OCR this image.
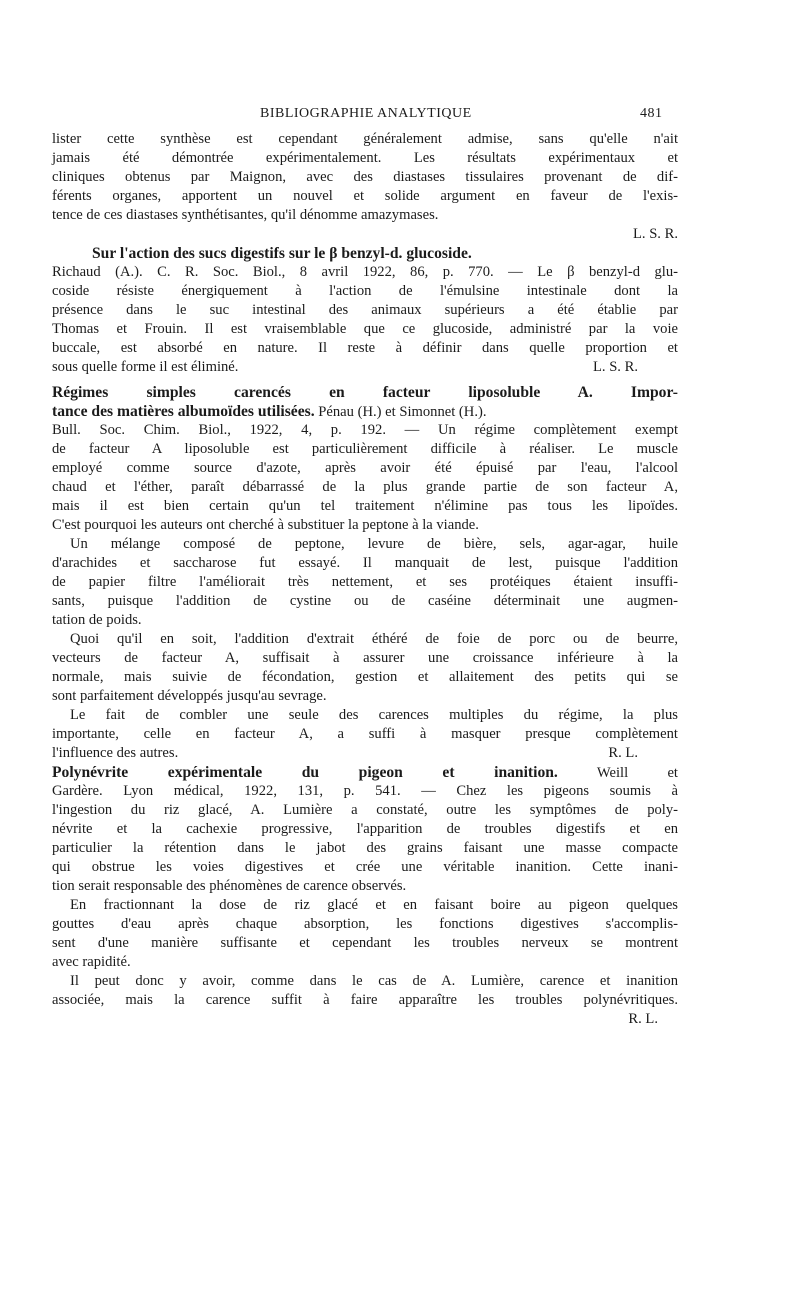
BIBLIOGRAPHIE ANALYTIQUE	481
lister cette synthèse est cependant généralement admise, sans qu'elle n'ait
jamais été démontrée expérimentalement. Les résultats expérimentaux et
cliniques obtenus par Maignon, avec des diastases tissulaires provenant de dif-
férents organes, apportent un nouvel et solide argument en faveur de l'exis-
tence de ces diastases synthétisantes, qu'il dénomme amazymases.
L. S. R.
Sur l'action des sucs digestifs sur le β benzyl-d. glucoside.
Richaud (A.). C. R. Soc. Biol., 8 avril 1922, 86, p. 770. — Le β benzyl-d glu-
coside résiste énergiquement à l'action de l'émulsine intestinale dont la
présence dans le suc intestinal des animaux supérieurs a été établie par
Thomas et Frouin. Il est vraisemblable que ce glucoside, administré par la voie
buccale, est absorbé en nature. Il reste à définir dans quelle proportion et
sous quelle forme il est éliminé.	L. S. R.
Régimes simples carencés en facteur liposoluble A. Impor-
tance des matières albumoïdes utilisées. Pénau (H.) et Simonnet (H.).
Bull. Soc. Chim. Biol., 1922, 4, p. 192. — Un régime complètement exempt
de facteur A liposoluble est particulièrement difficile à réaliser. Le muscle
employé comme source d'azote, après avoir été épuisé par l'eau, l'alcool
chaud et l'éther, paraît débarrassé de la plus grande partie de son facteur A,
mais il est bien certain qu'un tel traitement n'élimine pas tous les lipoïdes.
C'est pourquoi les auteurs ont cherché à substituer la peptone à la viande.
Un mélange composé de peptone, levure de bière, sels, agar-agar, huile
d'arachides et saccharose fut essayé. Il manquait de lest, puisque l'addition
de papier filtre l'améliorait très nettement, et ses protéiques étaient insuffi-
sants, puisque l'addition de cystine ou de caséine déterminait une augmen-
tation de poids.
Quoi qu'il en soit, l'addition d'extrait éthéré de foie de porc ou de beurre,
vecteurs de facteur A, suffisait à assurer une croissance inférieure à la
normale, mais suivie de fécondation, gestion et allaitement des petits qui se
sont parfaitement développés jusqu'au sevrage.
Le fait de combler une seule des carences multiples du régime, la plus
importante, celle en facteur A, a suffi à masquer presque complètement
l'influence des autres.	R. L.
Polynévrite expérimentale du pigeon et inanition.	Weill et
Gardère. Lyon médical, 1922, 131, p. 541. — Chez les pigeons soumis à
l'ingestion du riz glacé, A. Lumière a constaté, outre les symptômes de poly-
névrite et la cachexie progressive, l'apparition de troubles digestifs et en
particulier la rétention dans le jabot des grains faisant une masse compacte
qui obstrue les voies digestives et crée une véritable inanition. Cette inani-
tion serait responsable des phénomènes de carence observés.
En fractionnant la dose de riz glacé et en faisant boire au pigeon quelques
gouttes d'eau après chaque absorption, les fonctions digestives s'accomplis-
sent d'une manière suffisante et cependant les troubles nerveux se montrent
avec rapidité.
Il peut donc y avoir, comme dans le cas de A. Lumière, carence et inanition
associée, mais la carence suffit à faire apparaître les troubles polynévritiques.
R. L.
